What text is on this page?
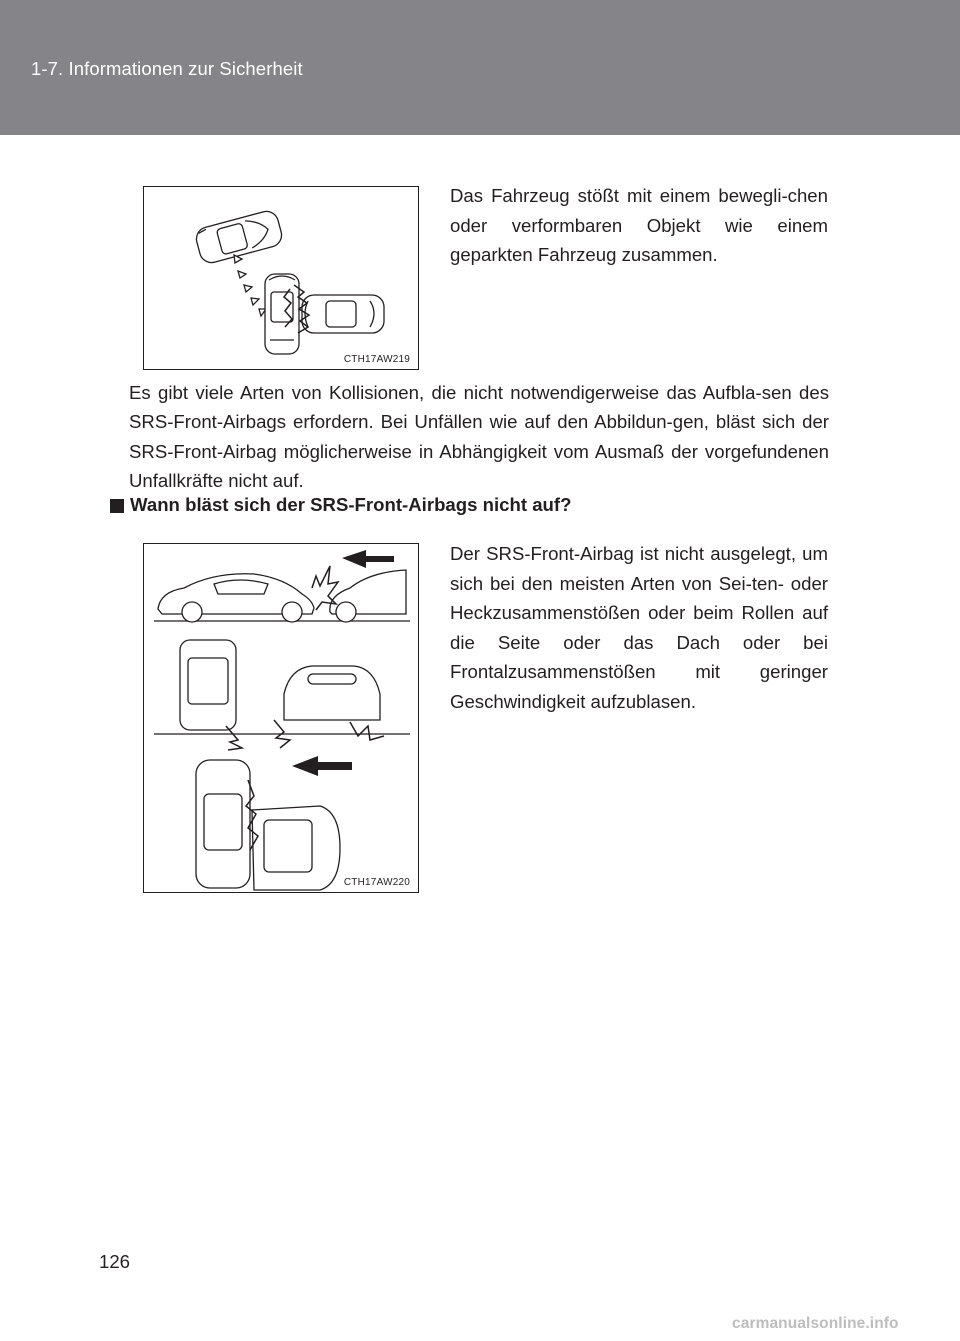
1-7. Informationen zur Sicherheit
CTH17AW219
Das Fahrzeug stößt mit einem bewegli-chen oder verformbaren Objekt wie einem geparkten Fahrzeug zusammen.
Es gibt viele Arten von Kollisionen, die nicht notwendigerweise das Aufbla-sen des SRS-Front-Airbags erfordern. Bei Unfällen wie auf den Abbildun-gen, bläst sich der SRS-Front-Airbag möglicherweise in Abhängigkeit vom Ausmaß der vorgefundenen Unfallkräfte nicht auf.
Wann bläst sich der SRS-Front-Airbags nicht auf?
CTH17AW220
Der SRS-Front-Airbag ist nicht ausgelegt, um sich bei den meisten Arten von Sei-ten- oder Heckzusammenstößen oder beim Rollen auf die Seite oder das Dach oder bei Frontalzusammenstößen mit geringer Geschwindigkeit aufzublasen.
126
carmanualsonline.info
